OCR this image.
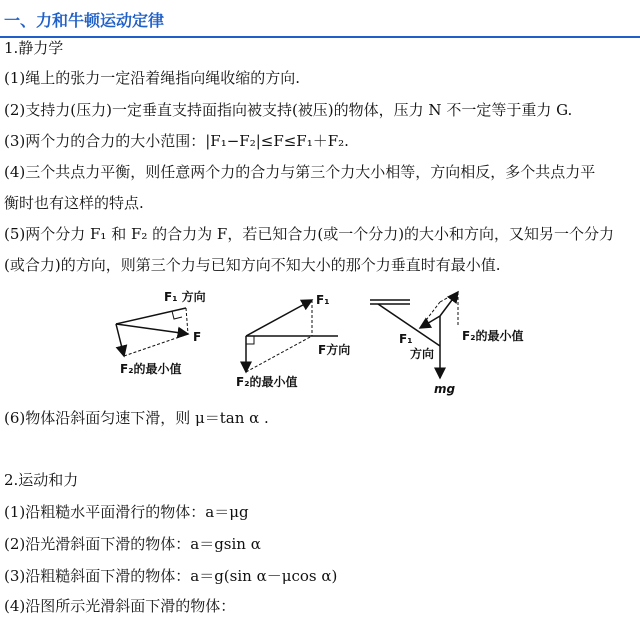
一、力和牛顿运动定律
1.静力学
(1)绳上的张力一定沿着绳指向绳收缩的方向.
(2)支持力(压力)一定垂直支持面指向被支持(被压)的物体，压力 N 不一定等于重力 G.
(3)两个力的合力的大小范围：|F₁−F₂|≤F≤F₁＋F₂.
(4)三个共点力平衡，则任意两个力的合力与第三个力大小相等，方向相反，多个共点力平
衡时也有这样的特点.
(5)两个分力 F₁ 和 F₂ 的合力为 F，若已知合力(或一个分力)的大小和方向，又知另一个分力
(或合力)的方向，则第三个力与已知方向不知大小的那个力垂直时有最小值.
F₁ 方向
F
F₂的最小值
F₁
F方向
F₂的最小值
F₁
方向
F₂的最小值
mg
(6)物体沿斜面匀速下滑，则 μ＝tan α .
2.运动和力
(1)沿粗糙水平面滑行的物体：a＝μg
(2)沿光滑斜面下滑的物体：a＝gsin α
(3)沿粗糙斜面下滑的物体：a＝g(sin α－μcos α)
(4)沿图所示光滑斜面下滑的物体：
